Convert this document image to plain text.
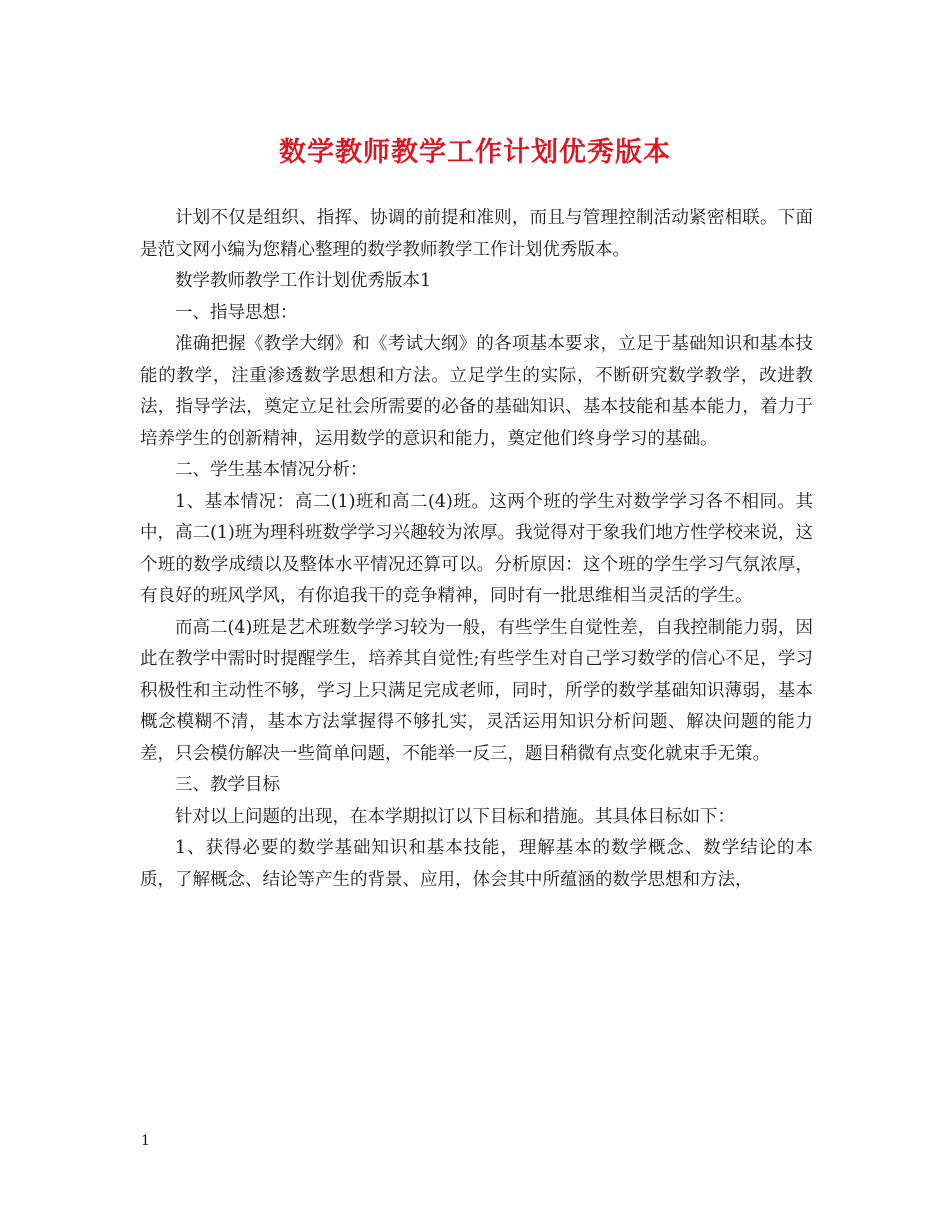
数学教师教学工作计划优秀版本

计划不仅是组织、指挥、协调的前提和准则，而且与管理控制活动紧密相联。下面是范文网小编为您精心整理的数学教师教学工作计划优秀版本。

数学教师教学工作计划优秀版本1

一、指导思想：

准确把握《教学大纲》和《考试大纲》的各项基本要求，立足于基础知识和基本技能的教学，注重渗透数学思想和方法。立足学生的实际，不断研究数学教学，改进教法，指导学法，奠定立足社会所需要的必备的基础知识、基本技能和基本能力，着力于培养学生的创新精神，运用数学的意识和能力，奠定他们终身学习的基础。

二、学生基本情况分析：

1、基本情况：高二(1)班和高二(4)班。这两个班的学生对数学学习各不相同。其中，高二(1)班为理科班数学学习兴趣较为浓厚。我觉得对于象我们地方性学校来说，这个班的数学成绩以及整体水平情况还算可以。分析原因：这个班的学生学习气氛浓厚，有良好的班风学风，有你追我干的竞争精神，同时有一批思维相当灵活的学生。

而高二(4)班是艺术班数学学习较为一般，有些学生自觉性差，自我控制能力弱，因此在教学中需时时提醒学生，培养其自觉性;有些学生对自己学习数学的信心不足，学习积极性和主动性不够，学习上只满足完成老师，同时，所学的数学基础知识薄弱，基本概念模糊不清，基本方法掌握得不够扎实，灵活运用知识分析问题、解决问题的能力差，只会模仿解决一些简单问题，不能举一反三，题目稍微有点变化就束手无策。

三、教学目标

针对以上问题的出现，在本学期拟订以下目标和措施。其具体目标如下：

1、获得必要的数学基础知识和基本技能，理解基本的数学概念、数学结论的本质，了解概念、结论等产生的背景、应用，体会其中所蕴涵的数学思想和方法，

1
